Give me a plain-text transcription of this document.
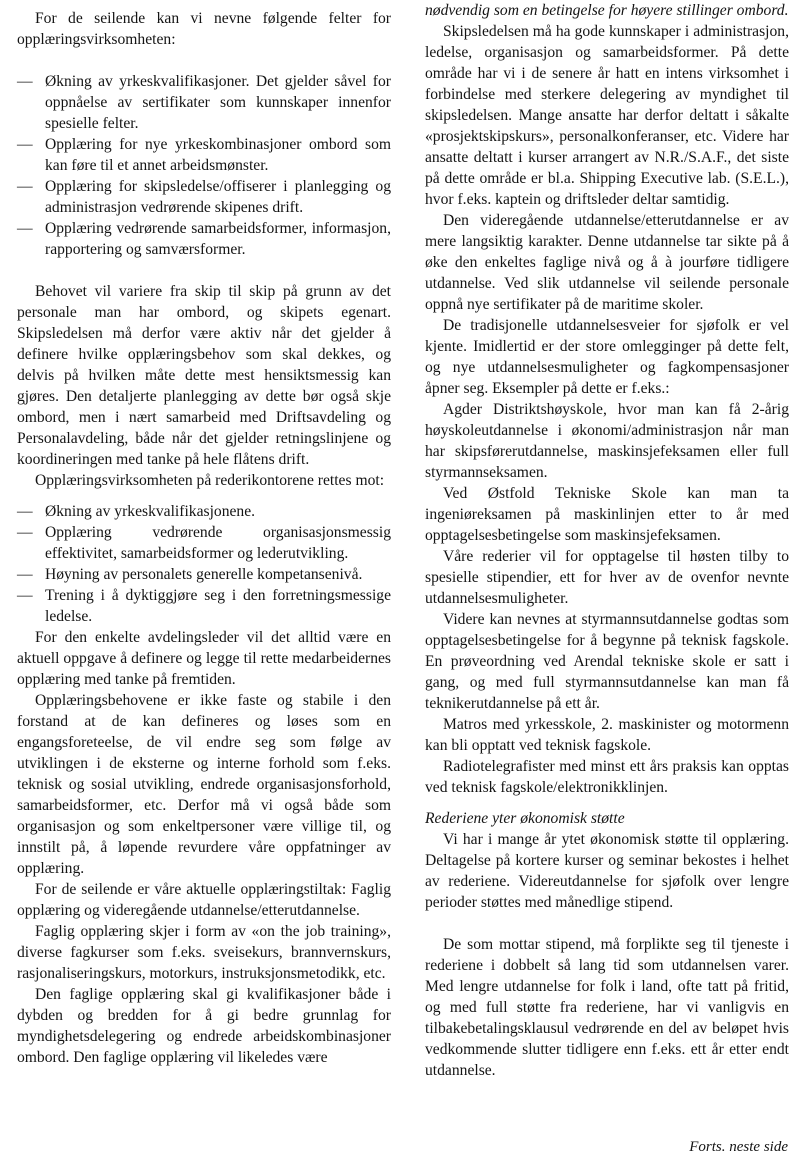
For de seilende kan vi nevne følgende felter for opplæringsvirksomheten:

— Økning av yrkeskvalifikasjoner. Det gjelder såvel for oppnåelse av sertifikater som kunnskaper innenfor spesielle felter.

— Opplæring for nye yrkeskombinasjoner ombord som kan føre til et annet arbeidsmønster.

— Opplæring for skipsledelse/offiserer i planlegging og administrasjon vedrørende skipenes drift.

— Opplæring vedrørende samarbeidsformer, informasjon, rapportering og samværsformer.

Behovet vil variere fra skip til skip på grunn av det personale man har ombord, og skipets egenart. Skipsledelsen må derfor være aktiv når det gjelder å definere hvilke opplæringsbehov som skal dekkes, og delvis på hvilken måte dette mest hensiktsmessig kan gjøres. Den detaljerte planlegging av dette bør også skje ombord, men i nært samarbeid med Driftsavdeling og Personalavdeling, både når det gjelder retningslinjene og koordineringen med tanke på hele flåtens drift.

Opplæringsvirksomheten på rederikontorene rettes mot:

— Økning av yrkeskvalifikasjonene.

— Opplæring vedrørende organisasjonsmessig effektivitet, samarbeidsformer og lederutvikling.

— Høyning av personalets generelle kompetansenivå.

— Trening i å dyktiggjøre seg i den forretningsmessige ledelse.

For den enkelte avdelingsleder vil det alltid være en aktuell oppgave å definere og legge til rette medarbeidernes opplæring med tanke på fremtiden.

Opplæringsbehovene er ikke faste og stabile i den forstand at de kan defineres og løses som en engangsforeteelse, de vil endre seg som følge av utviklingen i de eksterne og interne forhold som f.eks. teknisk og sosial utvikling, endrede organisasjonsforhold, samarbeidsformer, etc. Derfor må vi også både som organisasjon og som enkeltpersoner være villige til, og innstilt på, å løpende revurdere våre oppfatninger av opplæring.

For de seilende er våre aktuelle opplæringstiltak: Faglig opplæring og videregående utdannelse/etterutdannelse.

Faglig opplæring skjer i form av «on the job training», diverse fagkurser som f.eks. sveisekurs, brannvernskurs, rasjonaliseringskurs, motorkurs, instruksjonsmetodikk, etc.

Den faglige opplæring skal gi kvalifikasjoner både i dybden og bredden for å gi bedre grunnlag for myndighetsdelegering og endrede arbeidskombinasjoner ombord. Den faglige opplæring vil likeledes være

nødvendig som en betingelse for høyere stillinger ombord.

Skipsledelsen må ha gode kunnskaper i administrasjon, ledelse, organisasjon og samarbeidsformer. På dette område har vi i de senere år hatt en intens virksomhet i forbindelse med sterkere delegering av myndighet til skipsledelsen. Mange ansatte har derfor deltatt i såkalte «prosjektskipskurs», personalkonferanser, etc. Videre har ansatte deltatt i kurser arrangert av N.R./S.A.F., det siste på dette område er bl.a. Shipping Executive lab. (S.E.L.), hvor f.eks. kaptein og driftsleder deltar samtidig.

Den videregående utdannelse/etterutdannelse er av mere langsiktig karakter. Denne utdannelse tar sikte på å øke den enkeltes faglige nivå og å à jourføre tidligere utdannelse. Ved slik utdannelse vil seilende personale oppnå nye sertifikater på de maritime skoler.

De tradisjonelle utdannelsesveier for sjøfolk er vel kjente. Imidlertid er der store omlegginger på dette felt, og nye utdannelsesmuligheter og fagkompensasjoner åpner seg. Eksempler på dette er f.eks.:

Agder Distriktshøyskole, hvor man kan få 2-årig høyskoleutdannelse i økonomi/administrasjon når man har skipsførerutdannelse, maskinsjefeksamen eller full styrmannseksamen.

Ved Østfold Tekniske Skole kan man ta ingeniøreksamen på maskinlinjen etter to år med opptagelsesbetingelse som maskinsjefeksamen.

Våre rederier vil for opptagelse til høsten tilby to spesielle stipendier, ett for hver av de ovenfor nevnte utdannelsesmuligheter.

Videre kan nevnes at styrmannsutdannelse godtas som opptagelsesbetingelse for å begynne på teknisk fagskole. En prøveordning ved Arendal tekniske skole er satt i gang, og med full styrmannsutdannelse kan man få teknikerutdannelse på ett år.

Matros med yrkesskole, 2. maskinister og motormenn kan bli opptatt ved teknisk fagskole.

Radiotelegrafister med minst ett års praksis kan opptas ved teknisk fagskole/elektronikklinjen.

Rederiene yter økonomisk støtte

Vi har i mange år ytet økonomisk støtte til opplæring. Deltagelse på kortere kurser og seminar bekostes i helhet av rederiene. Videreutdannelse for sjøfolk over lengre perioder støttes med månedlige stipend.

De som mottar stipend, må forplikte seg til tjeneste i rederiene i dobbelt så lang tid som utdannelsen varer. Med lengre utdannelse for folk i land, ofte tatt på fritid, og med full støtte fra rederiene, har vi vanligvis en tilbakebetalingsklausul vedrørende en del av beløpet hvis vedkommende slutter tidligere enn f.eks. ett år etter endt utdannelse.

Forts. neste side
